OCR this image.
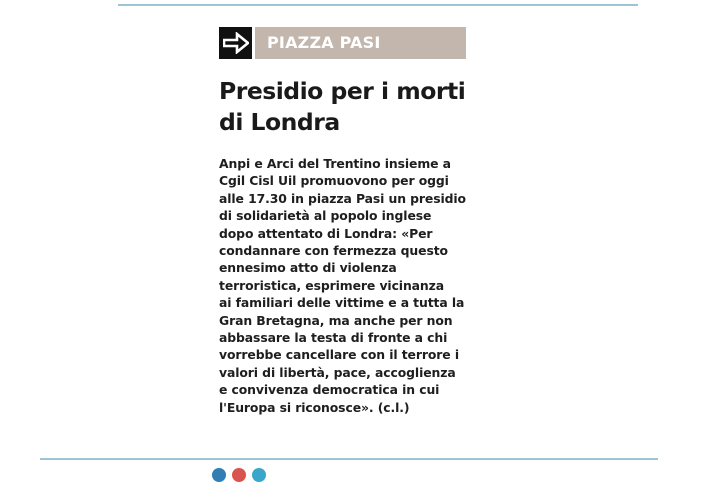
PIAZZA PASI
Presidio per i morti
di Londra
Anpi e Arci del Trentino insieme a
Cgil Cisl Uil promuovono per oggi
alle 17.30 in piazza Pasi un presidio
di solidarietà al popolo inglese
dopo attentato di Londra: «Per
condannare con fermezza questo
ennesimo atto di violenza
terroristica, esprimere vicinanza
ai familiari delle vittime e a tutta la
Gran Bretagna, ma anche per non
abbassare la testa di fronte a chi
vorrebbe cancellare con il terrore i
valori di libertà, pace, accoglienza
e convivenza democratica in cui
l'Europa si riconosce». (c.l.)
